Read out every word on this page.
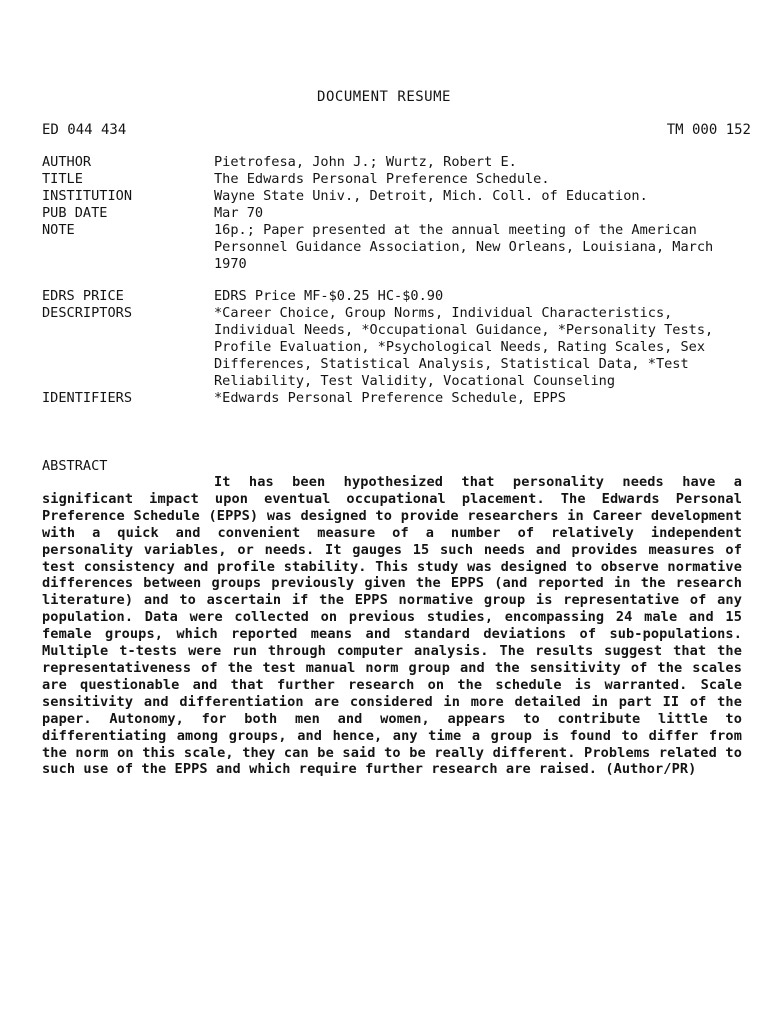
DOCUMENT RESUME
ED 044 434	TM 000 152
AUTHOR	Pietrofesa, John J.; Wurtz, Robert E.
TITLE	The Edwards Personal Preference Schedule.
INSTITUTION	Wayne State Univ., Detroit, Mich. Coll. of Education.
PUB DATE	Mar 70
NOTE	16p.; Paper presented at the annual meeting of the American Personnel Guidance Association, New Orleans, Louisiana, March 1970
EDRS PRICE	EDRS Price MF-$0.25 HC-$0.90
DESCRIPTORS	*Career Choice, Group Norms, Individual Characteristics, Individual Needs, *Occupational Guidance, *Personality Tests, Profile Evaluation, *Psychological Needs, Rating Scales, Sex Differences, Statistical Analysis, Statistical Data, *Test Reliability, Test Validity, Vocational Counseling
IDENTIFIERS	*Edwards Personal Preference Schedule, EPPS
ABSTRACT
It has been hypothesized that personality needs have a significant impact upon eventual occupational placement. The Edwards Personal Preference Schedule (EPPS) was designed to provide researchers in Career development with a quick and convenient measure of a number of relatively independent personality variables, or needs. It gauges 15 such needs and provides measures of test consistency and profile stability. This study was designed to observe normative differences between groups previously given the EPPS (and reported in the research literature) and to ascertain if the EPPS normative group is representative of any population. Data were collected on previous studies, encompassing 24 male and 15 female groups, which reported means and standard deviations of sub-populations. Multiple t-tests were run through computer analysis. The results suggest that the representativeness of the test manual norm group and the sensitivity of the scales are questionable and that further research on the schedule is warranted. Scale sensitivity and differentiation are considered in more detailed in part II of the paper. Autonomy, for both men and women, appears to contribute little to differentiating among groups, and hence, any time a group is found to differ from the norm on this scale, they can be said to be really different. Problems related to such use of the EPPS and which require further research are raised. (Author/PR)
